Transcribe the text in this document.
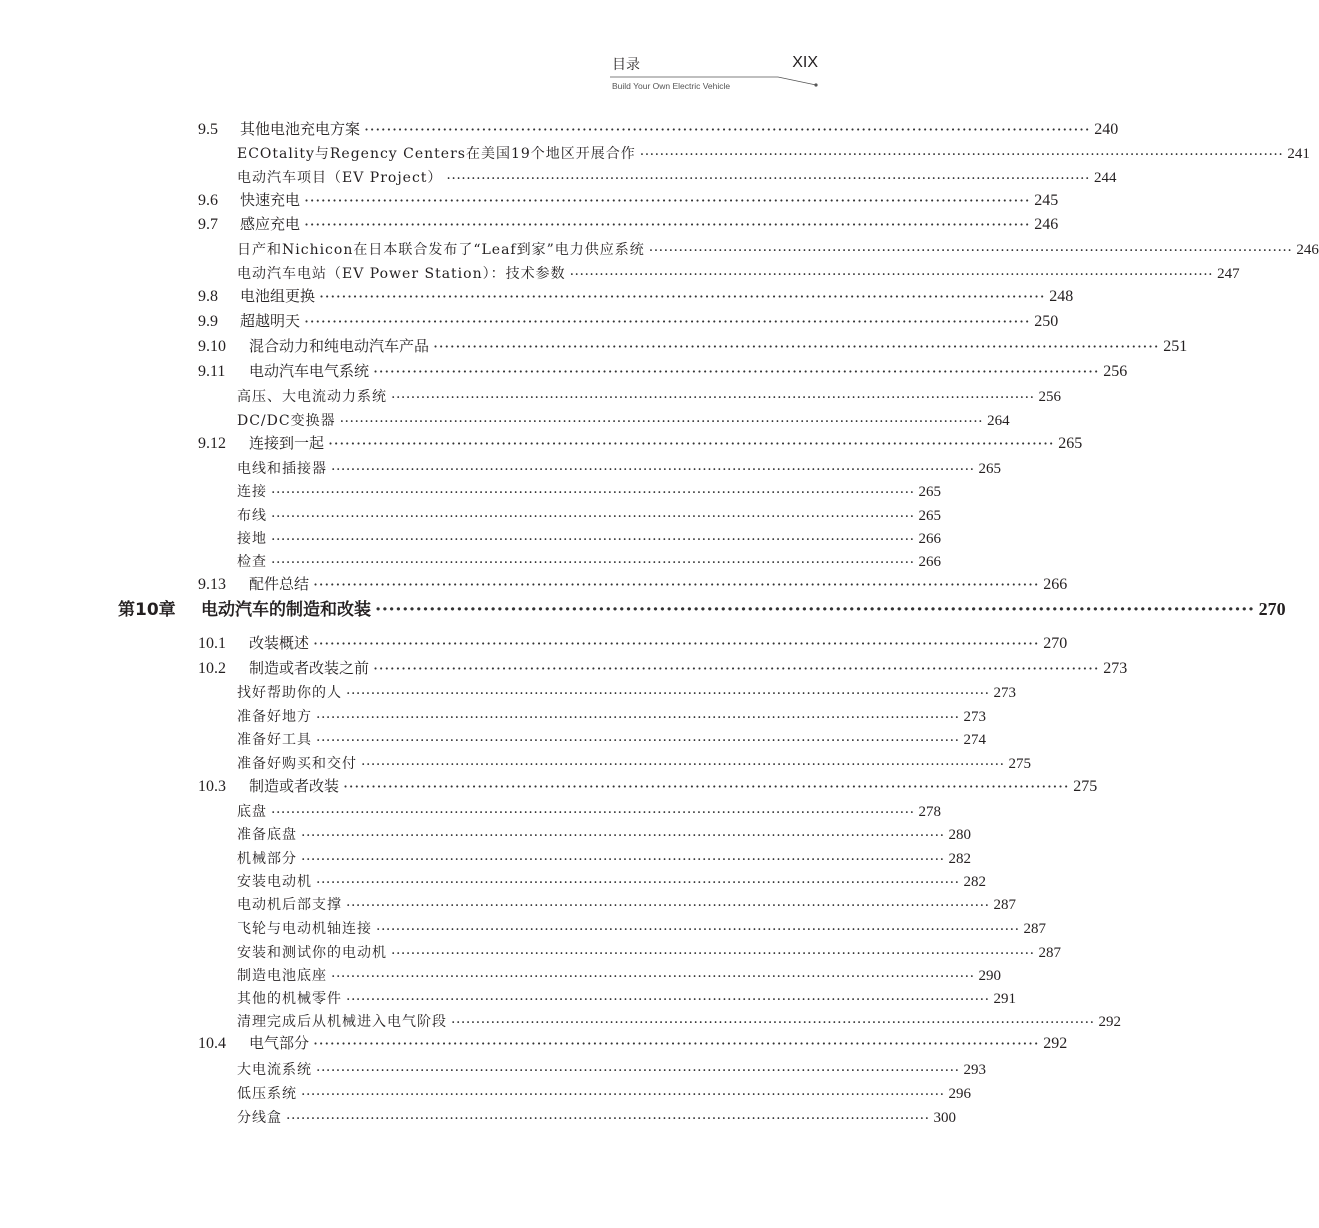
目录	XIX
Build Your Own Electric Vehicle
9.5	其他电池充电方案 ·································································································································· 240
ECOtality与Regency Centers在美国19个地区开展合作 ·································································································································· 241
电动汽车项目（EV Project） ·································································································································· 244
9.6	快速充电 ·································································································································· 245
9.7	感应充电 ·································································································································· 246
日产和Nichicon在日本联合发布了“Leaf到家”电力供应系统 ·································································································································· 246
电动汽车电站（EV Power Station）：技术参数 ·································································································································· 247
9.8	电池组更换 ·································································································································· 248
9.9	超越明天 ·································································································································· 250
9.10	混合动力和纯电动汽车产品 ·································································································································· 251
9.11	电动汽车电气系统 ·································································································································· 256
高压、大电流动力系统 ·································································································································· 256
DC/DC变换器 ·································································································································· 264
9.12	连接到一起 ·································································································································· 265
电线和插接器 ·································································································································· 265
连接 ·································································································································· 265
布线 ·································································································································· 265
接地 ·································································································································· 266
检查 ·································································································································· 266
9.13	配件总结 ·································································································································· 266
第10章	电动汽车的制造和改装 ·································································································································· 270
10.1	改装概述 ·································································································································· 270
10.2	制造或者改装之前 ·································································································································· 273
找好帮助你的人 ·································································································································· 273
准备好地方 ·································································································································· 273
准备好工具 ·································································································································· 274
准备好购买和交付 ·································································································································· 275
10.3	制造或者改装 ·································································································································· 275
底盘 ·································································································································· 278
准备底盘 ·································································································································· 280
机械部分 ·································································································································· 282
安装电动机 ·································································································································· 282
电动机后部支撑 ·································································································································· 287
飞轮与电动机轴连接 ·································································································································· 287
安装和测试你的电动机 ·································································································································· 287
制造电池底座 ·································································································································· 290
其他的机械零件 ·································································································································· 291
清理完成后从机械进入电气阶段 ·································································································································· 292
10.4	电气部分 ·································································································································· 292
大电流系统 ·································································································································· 293
低压系统 ·································································································································· 296
分线盒 ·································································································································· 300
